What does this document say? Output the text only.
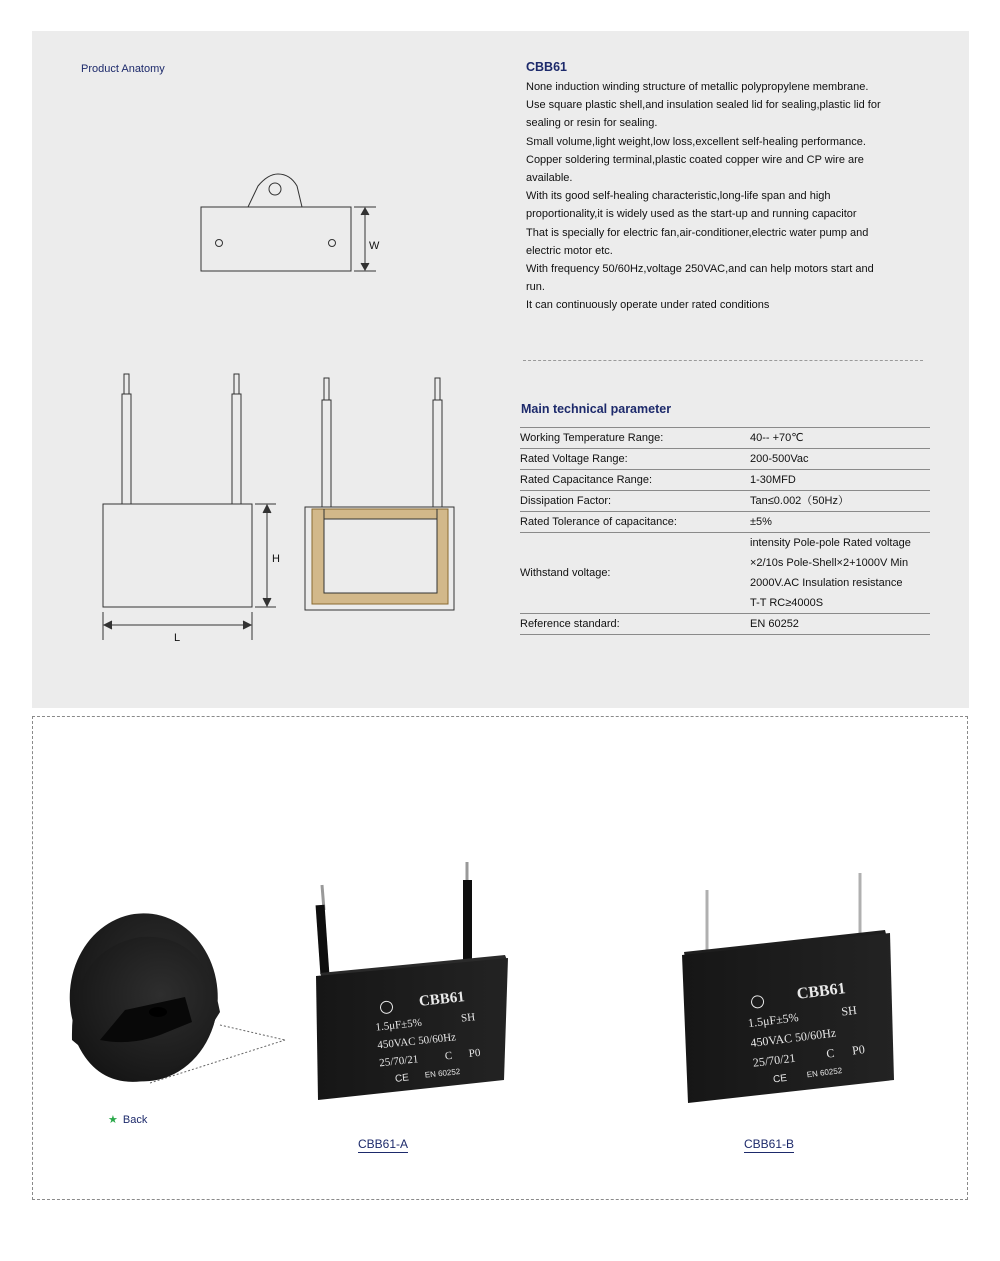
Product Anatomy
W
H
L
CBB61
None induction winding structure of metallic polypropylene membrane.
Use square plastic shell,and insulation sealed lid for sealing,plastic lid for
sealing or resin for sealing.
Small volume,light weight,low loss,excellent self-healing performance.
Copper soldering terminal,plastic coated copper wire and CP wire are
available.
With its good self-healing characteristic,long-life span and high
proportionality,it is widely used as the start-up and running capacitor
That is specially for electric fan,air-conditioner,electric water pump and
electric motor etc.
With frequency 50/60Hz,voltage 250VAC,and can help motors start and
run.
It can continuously operate under rated conditions
Main technical parameter
Working Temperature Range:	40-- +70℃

Rated Voltage Range:	200-500Vac

Rated Capacitance Range:	1-30MFD

Dissipation Factor:	Tan≤0.002（50Hz）

Rated Tolerance of capacitance:	±5%

Withstand voltage:	intensity Pole-pole Rated voltage
×2/10s Pole-Shell×2+1000V Min
2000V.AC Insulation resistance
T-T RC≥4000S

Reference standard:	EN 60252
CBB61
1.5μF±5%	SH
450VAC 50/60Hz
25/70/21 C P0
CE EN 60252
CBB61
1.5μF±5%	SH
450VAC 50/60Hz
25/70/21 C P0
CE EN 60252
★ Back
CBB61-A	CBB61-B
